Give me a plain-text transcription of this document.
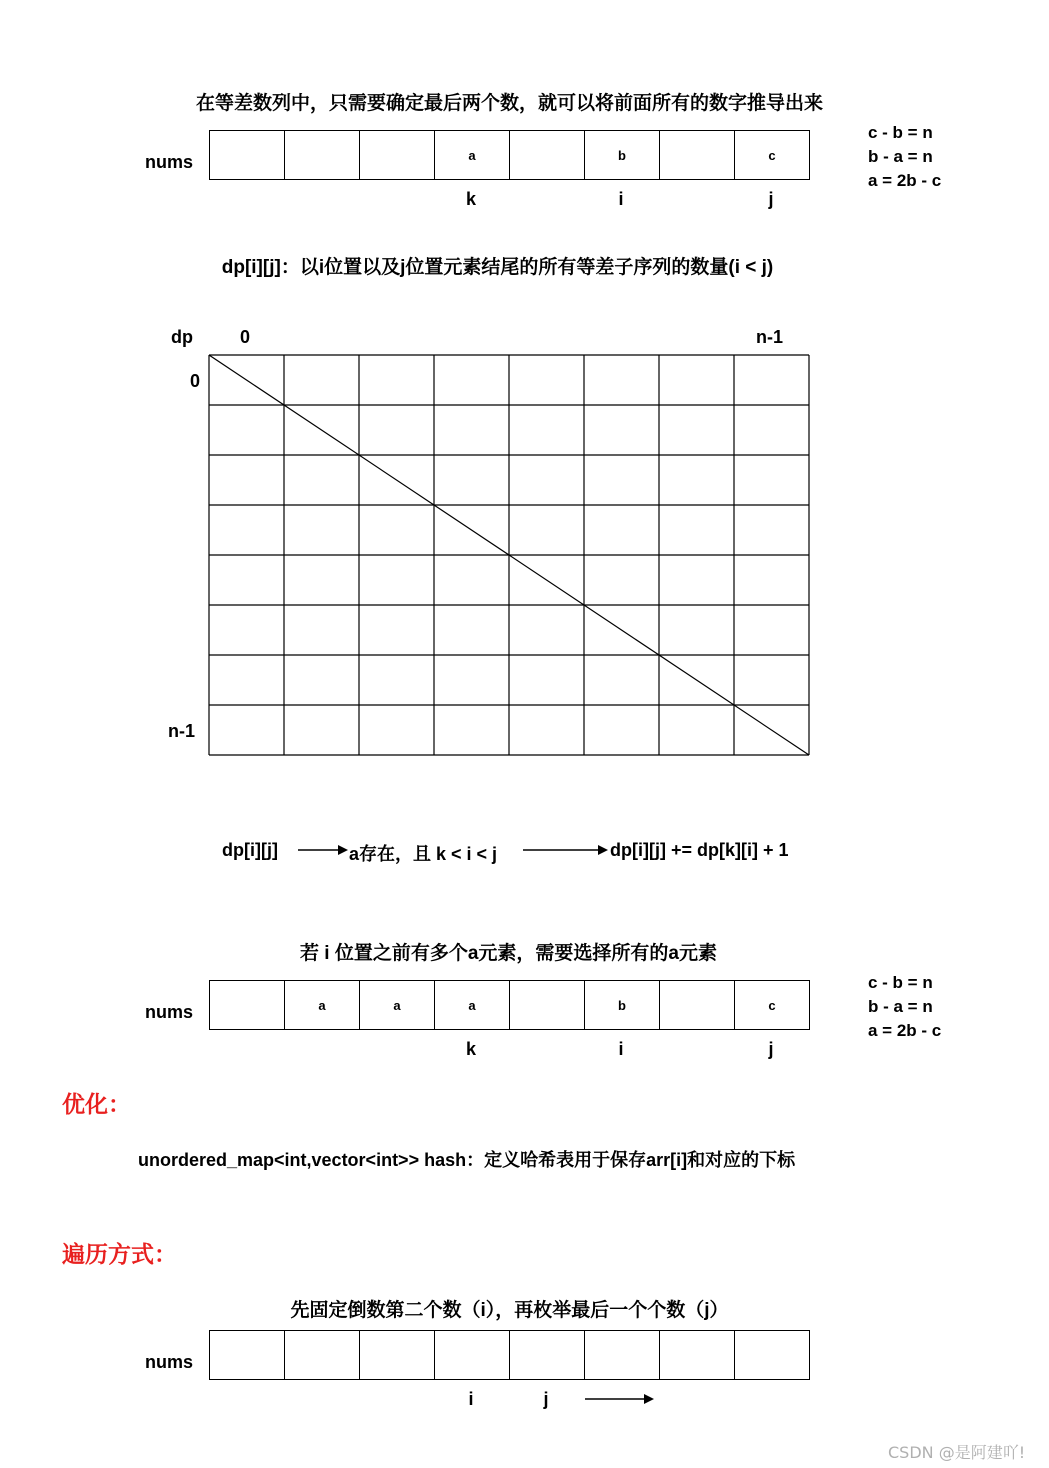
在等差数列中，只需要确定最后两个数，就可以将前面所有的数字推导出来
nums	a	b	c
k	i	j
c - b = n
b - a = n
a = 2b - c
dp[i][j]：以i位置以及j位置元素结尾的所有等差子序列的数量(i < j)
dp	0	n-1
0
n-1
dp[i][j]	a存在，且 k < i < j	dp[i][j] += dp[k][i] + 1
若 i 位置之前有多个a元素，需要选择所有的a元素
nums	a	a	a	b	c
k	i	j
c - b = n
b - a = n
a = 2b - c
优化：
unordered_map<int,vector<int>> hash：定义哈希表用于保存arr[i]和对应的下标
遍历方式：
先固定倒数第二个数（i），再枚举最后一个个数（j）
nums
i	j
CSDN @是阿建吖!
